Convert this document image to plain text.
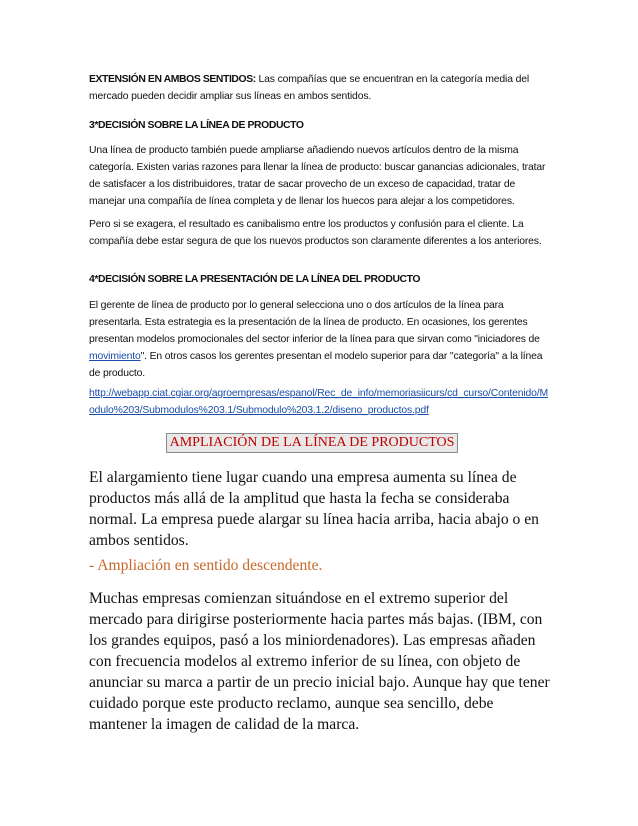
EXTENSIÓN EN AMBOS SENTIDOS: Las compañías que se encuentran en la categoría media del mercado pueden decidir ampliar sus líneas en ambos sentidos.

3*DECISIÓN SOBRE LA LÍNEA DE PRODUCTO

Una línea de producto también puede ampliarse añadiendo nuevos artículos dentro de la misma categoría. Existen varias razones para llenar la línea de producto: buscar ganancias adicionales, tratar de satisfacer a los distribuidores, tratar de sacar provecho de un exceso de capacidad, tratar de manejar una compañía de línea completa y de llenar los huecos para alejar a los competidores.

Pero si se exagera, el resultado es canibalismo entre los productos y confusión para el cliente. La compañía debe estar segura de que los nuevos productos son claramente diferentes a los anteriores.

4*DECISIÓN SOBRE LA PRESENTACIÓN DE LA LÍNEA DEL PRODUCTO

El gerente de línea de producto por lo general selecciona uno o dos artículos de la línea para presentarla. Esta estrategia es la presentación de la línea de producto. En ocasiones, los gerentes presentan modelos promocionales del sector inferior de la línea para que sirvan como "iniciadores de movimiento". En otros casos los gerentes presentan el modelo superior para dar "categoría" a la línea de producto.

http://webapp.ciat.cgiar.org/agroempresas/espanol/Rec_de_info/memoriasiicurs/cd_curso/Contenido/Modulo%203/Submodulos%203.1/Submodulo%203.1.2/diseno_productos.pdf

AMPLIACIÓN DE LA LÍNEA DE PRODUCTOS

El alargamiento tiene lugar cuando una empresa aumenta su línea de productos más allá de la amplitud que hasta la fecha se consideraba normal. La empresa puede alargar su línea hacia arriba, hacia abajo o en ambos sentidos.

- Ampliación en sentido descendente.

Muchas empresas comienzan situándose en el extremo superior del mercado para dirigirse posteriormente hacia partes más bajas. (IBM, con los grandes equipos, pasó a los miniordenadores). Las empresas añaden con frecuencia modelos al extremo inferior de su línea, con objeto de anunciar su marca a partir de un precio inicial bajo. Aunque hay que tener cuidado porque este producto reclamo, aunque sea sencillo, debe mantener la imagen de calidad de la marca.
